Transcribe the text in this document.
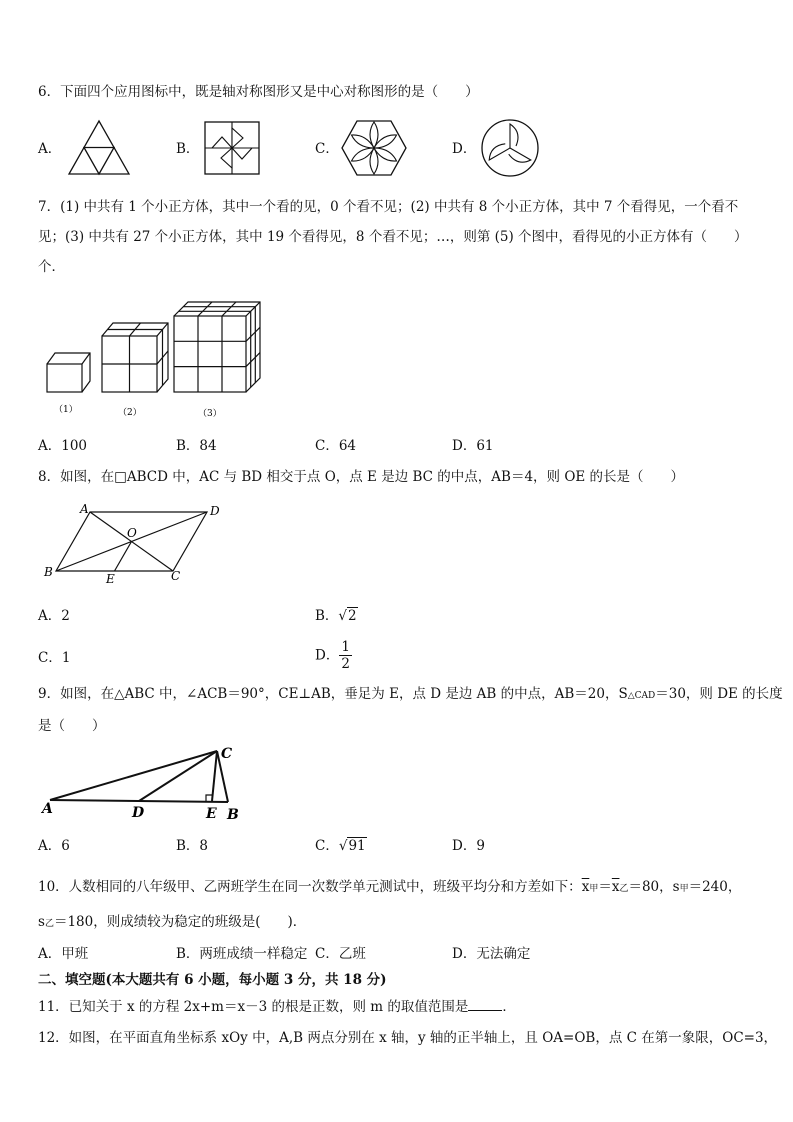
6．下面四个应用图标中，既是轴对称图形又是中心对称图形的是（　　）
A．	B．	C．	D．
7．(1) 中共有 1 个小正方体，其中一个看的见，0 个看不见；(2) 中共有 8 个小正方体，其中 7 个看得见，一个看不
见；(3) 中共有 27 个小正方体，其中 19 个看得见，8 个看不见；…，则第 (5) 个图中，看得见的小正方体有（　　）
个．
（1）	（2）	（3）
A．100	B．84	C．64	D．61
8．如图，在□ABCD 中，AC 与 BD 相交于点 O，点 E 是边 BC 的中点，AB＝4，则 OE 的长是（　　）
A	D
O
B	E	C
A．2	B．√2
C．1	D． $\frac{1}{2}$
9．如图，在△ABC 中，∠ACB＝90°，CE⊥AB，垂足为 E，点 D 是边 AB 的中点，AB＝20，S△CAD＝30，则 DE 的长度
是（　　）
C
A	D	E B
A．6	B．8	C．√91	D．9
10．人数相同的八年级甲、乙两班学生在同一次数学单元测试中，班级平均分和方差如下：$\overline{x}$甲$=\overline{x}$乙＝80，s甲＝240，
s乙＝180，则成绩较为稳定的班级是(　　)．
A．甲班	B．两班成绩一样稳定 C．乙班	D．无法确定
二、填空题(本大题共有 6 小题，每小题 3 分，共 18 分)
11．已知关于 x 的方程 2x+m＝x－3 的根是正数，则 m 的取值范围是	．
12．如图，在平面直角坐标系 xOy 中，A,B 两点分别在 x 轴，y 轴的正半轴上，且 OA=OB，点 C 在第一象限，OC=3，
